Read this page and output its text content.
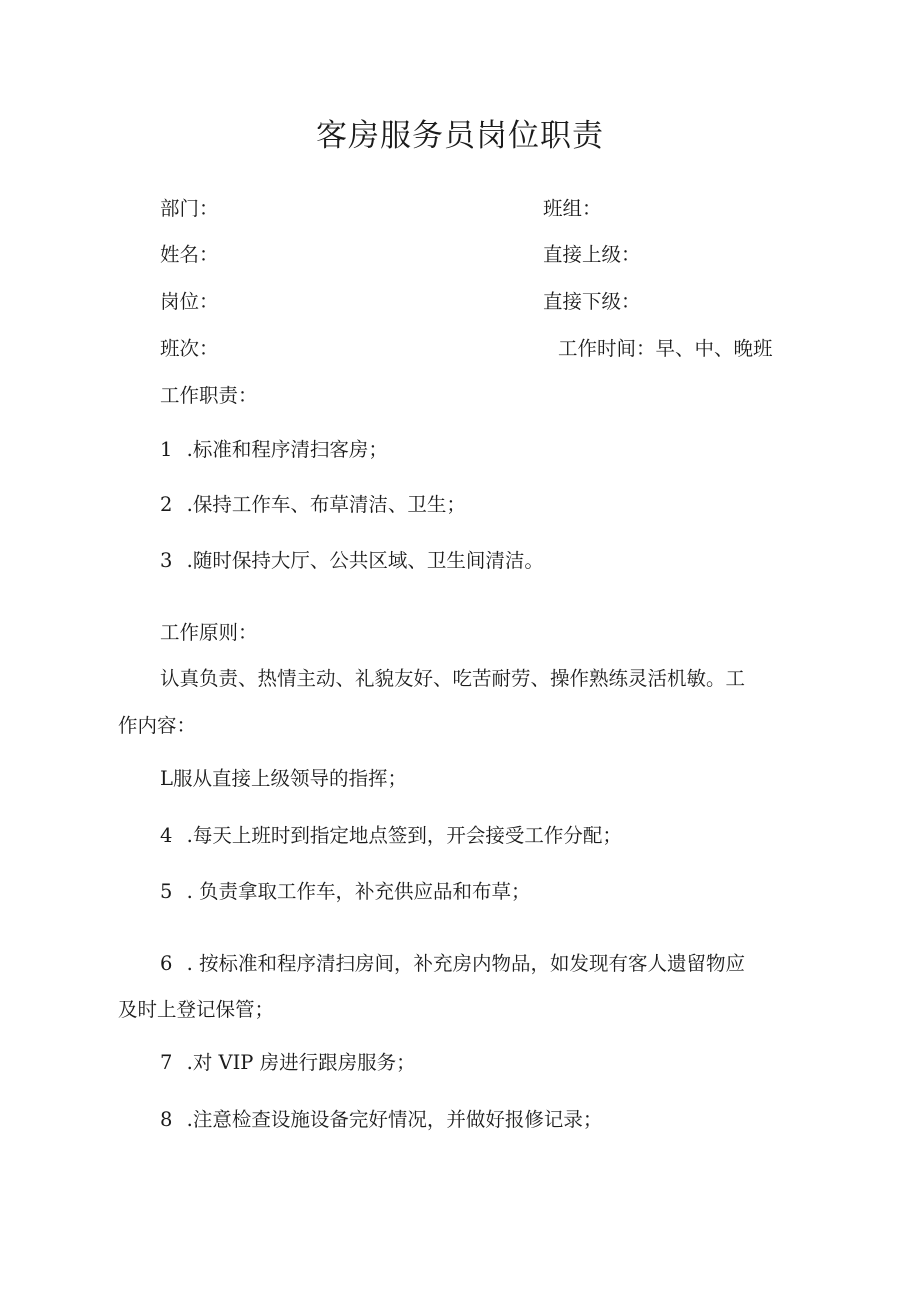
客房服务员岗位职责
部门：	班组：
姓名：	直接上级：
岗位：	直接下级：
班次：	工作时间：早、中、晚班
工作职责：
1 .标准和程序清扫客房；
2 .保持工作车、布草清洁、卫生；
3 .随时保持大厅、公共区域、卫生间清洁。
工作原则：
认真负责、热情主动、礼貌友好、吃苦耐劳、操作熟练灵活机敏。工
作内容：
L服从直接上级领导的指挥；
4 .每天上班时到指定地点签到，开会接受工作分配；
5 . 负责拿取工作车，补充供应品和布草；
6 . 按标准和程序清扫房间，补充房内物品，如发现有客人遗留物应
及时上登记保管；
7 .对 VIP 房进行跟房服务；
8 .注意检查设施设备完好情况，并做好报修记录；
